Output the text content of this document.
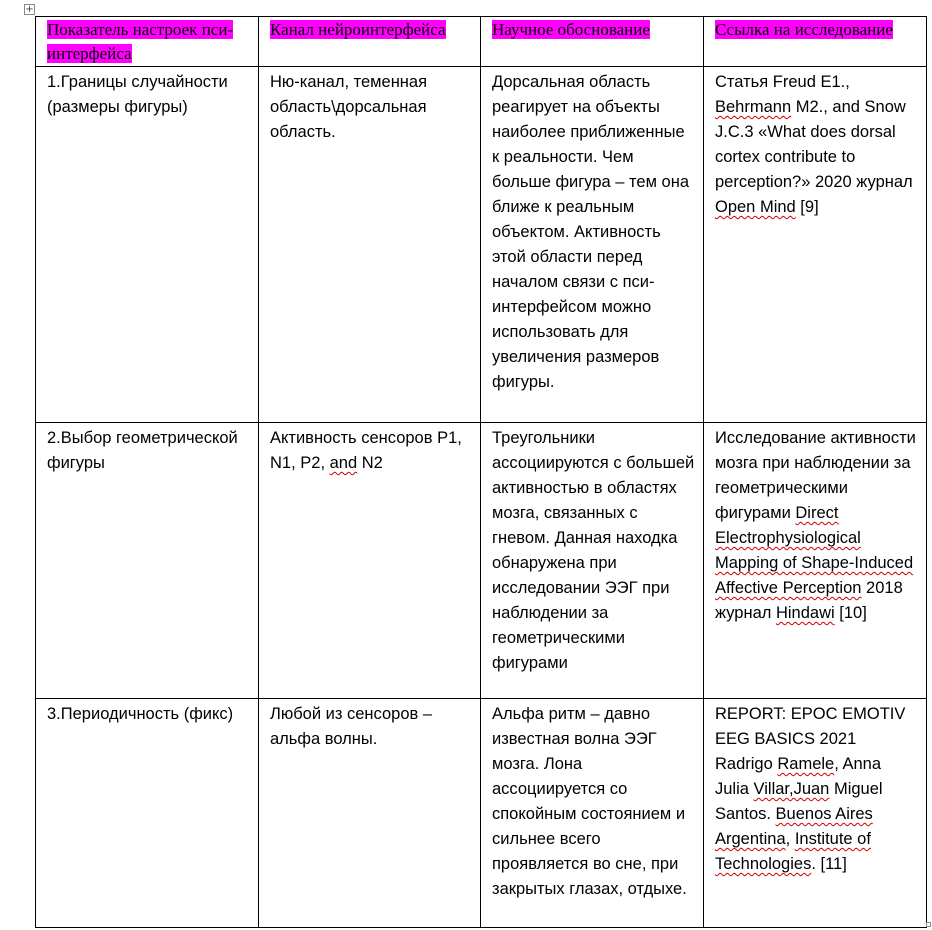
+
Показатель настроек пси-интерфейса	Канал нейроинтерфейса	Научное обоснование	Ссылка на исследование
1.Границы случайности (размеры фигуры)	Ню-канал, теменная область\дорсальная область.	Дорсальная область реагирует на объекты наиболее приближенные к реальности. Чем больше фигура – тем она ближе к реальным объектом. Активность этой области перед началом связи с пси-интерфейсом можно использовать для увеличения размеров фигуры.	Статья Freud E1., Behrmann M2., and Snow J.C.3 «What does dorsal cortex contribute to perception?» 2020 журнал Open Mind [9]
2.Выбор геометрической фигуры	Активность сенсоров P1, N1, P2, and N2	Треугольники ассоциируются с большей активностью в областях мозга, связанных с гневом. Данная находка обнаружена при исследовании ЭЭГ при наблюдении за геометрическими фигурами	Исследование активности мозга при наблюдении за геометрическими фигурами Direct Electrophysiological Mapping of Shape-Induced
Affective Perception 2018 журнал Hindawi [10]
3.Периодичность (фикс)	Любой из сенсоров – альфа волны.	Альфа ритм – давно известная волна ЭЭГ мозга. Лона ассоциируется со спокойным состоянием и сильнее всего проявляется во сне, при закрытых глазах, отдыхе.	REPORT: EPOC EMOTIV EEG BASICS 2021 Radrigo Ramele, Anna Julia Villar,Juan Miguel Santos. Buenos Aires Argentina, Institute of Technologies. [11]
